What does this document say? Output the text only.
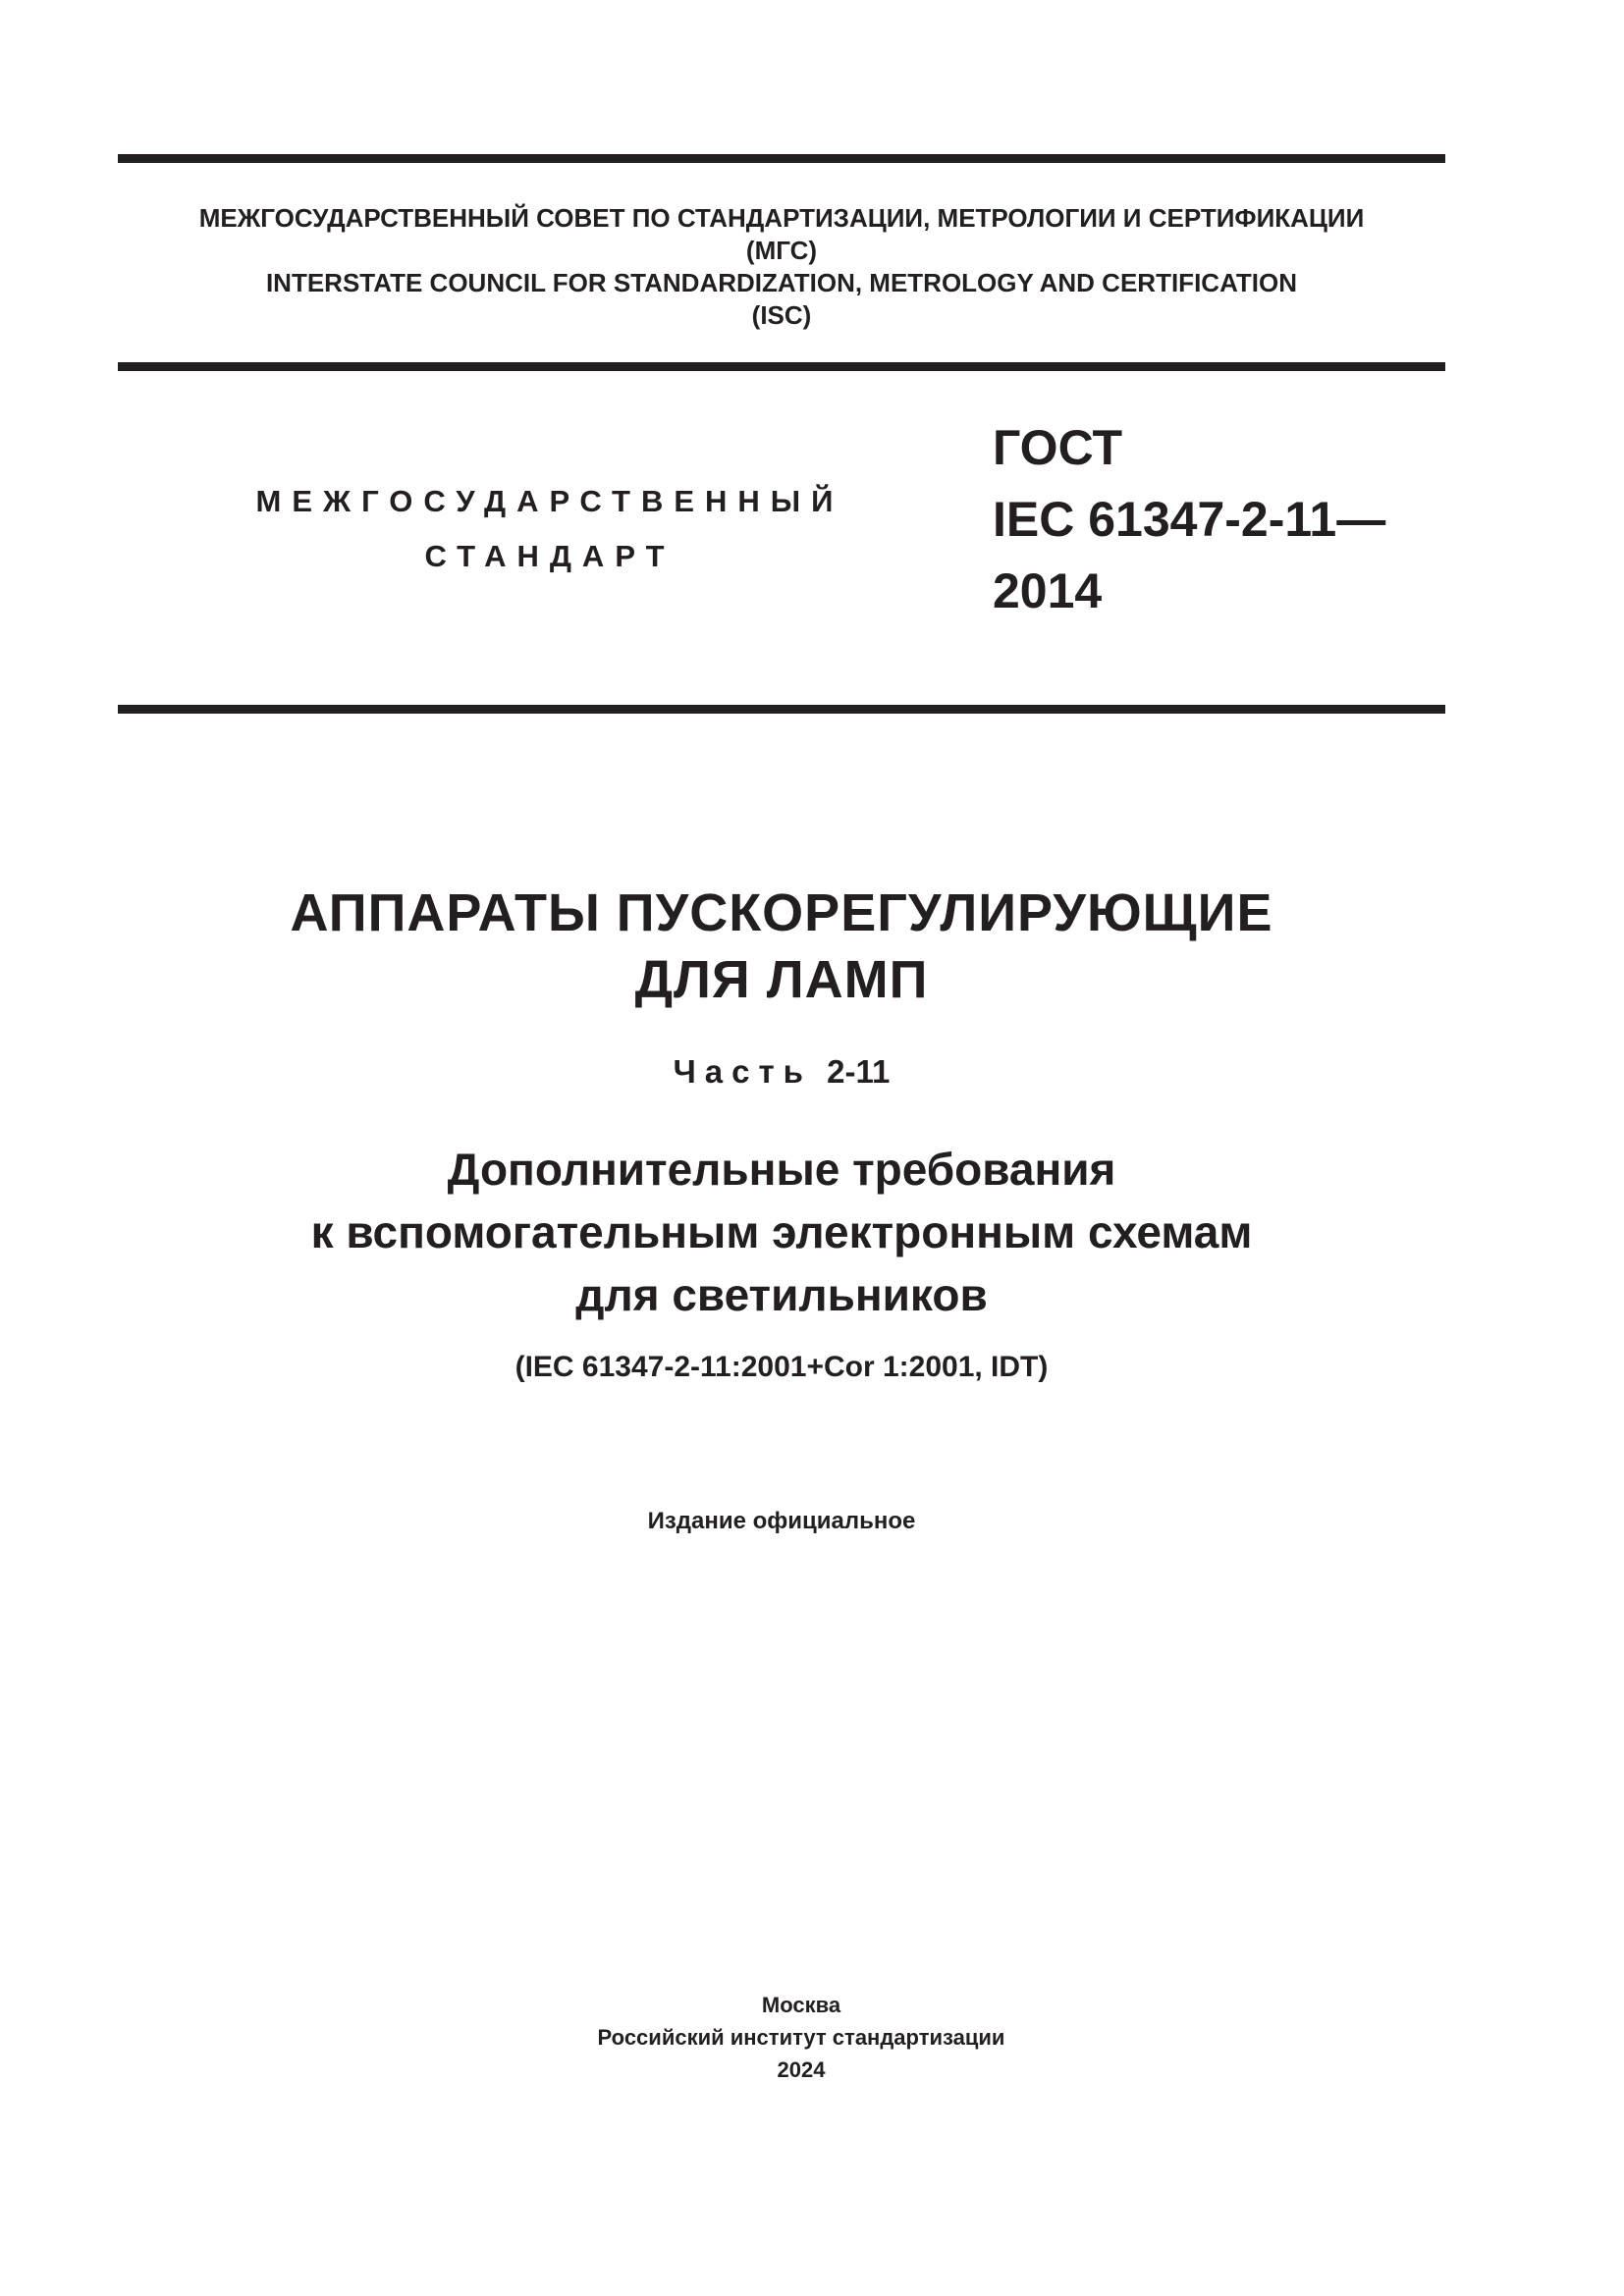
МЕЖГОСУДАРСТВЕННЫЙ СОВЕТ ПО СТАНДАРТИЗАЦИИ, МЕТРОЛОГИИ И СЕРТИФИКАЦИИ
(МГС)
INTERSTATE COUNCIL FOR STANDARDIZATION, METROLOGY AND CERTIFICATION
(ISC)
МЕЖГОСУДАРСТВЕННЫЙ
СТАНДАРТ
ГОСТ
IEC 61347-2-11—
2014
АППАРАТЫ ПУСКОРЕГУЛИРУЮЩИЕ
ДЛЯ ЛАМП
Часть 2-11
Дополнительные требования
к вспомогательным электронным схемам
для светильников
(IEC 61347-2-11:2001+Cor 1:2001, IDT)
Издание официальное
Москва
Российский институт стандартизации
2024
